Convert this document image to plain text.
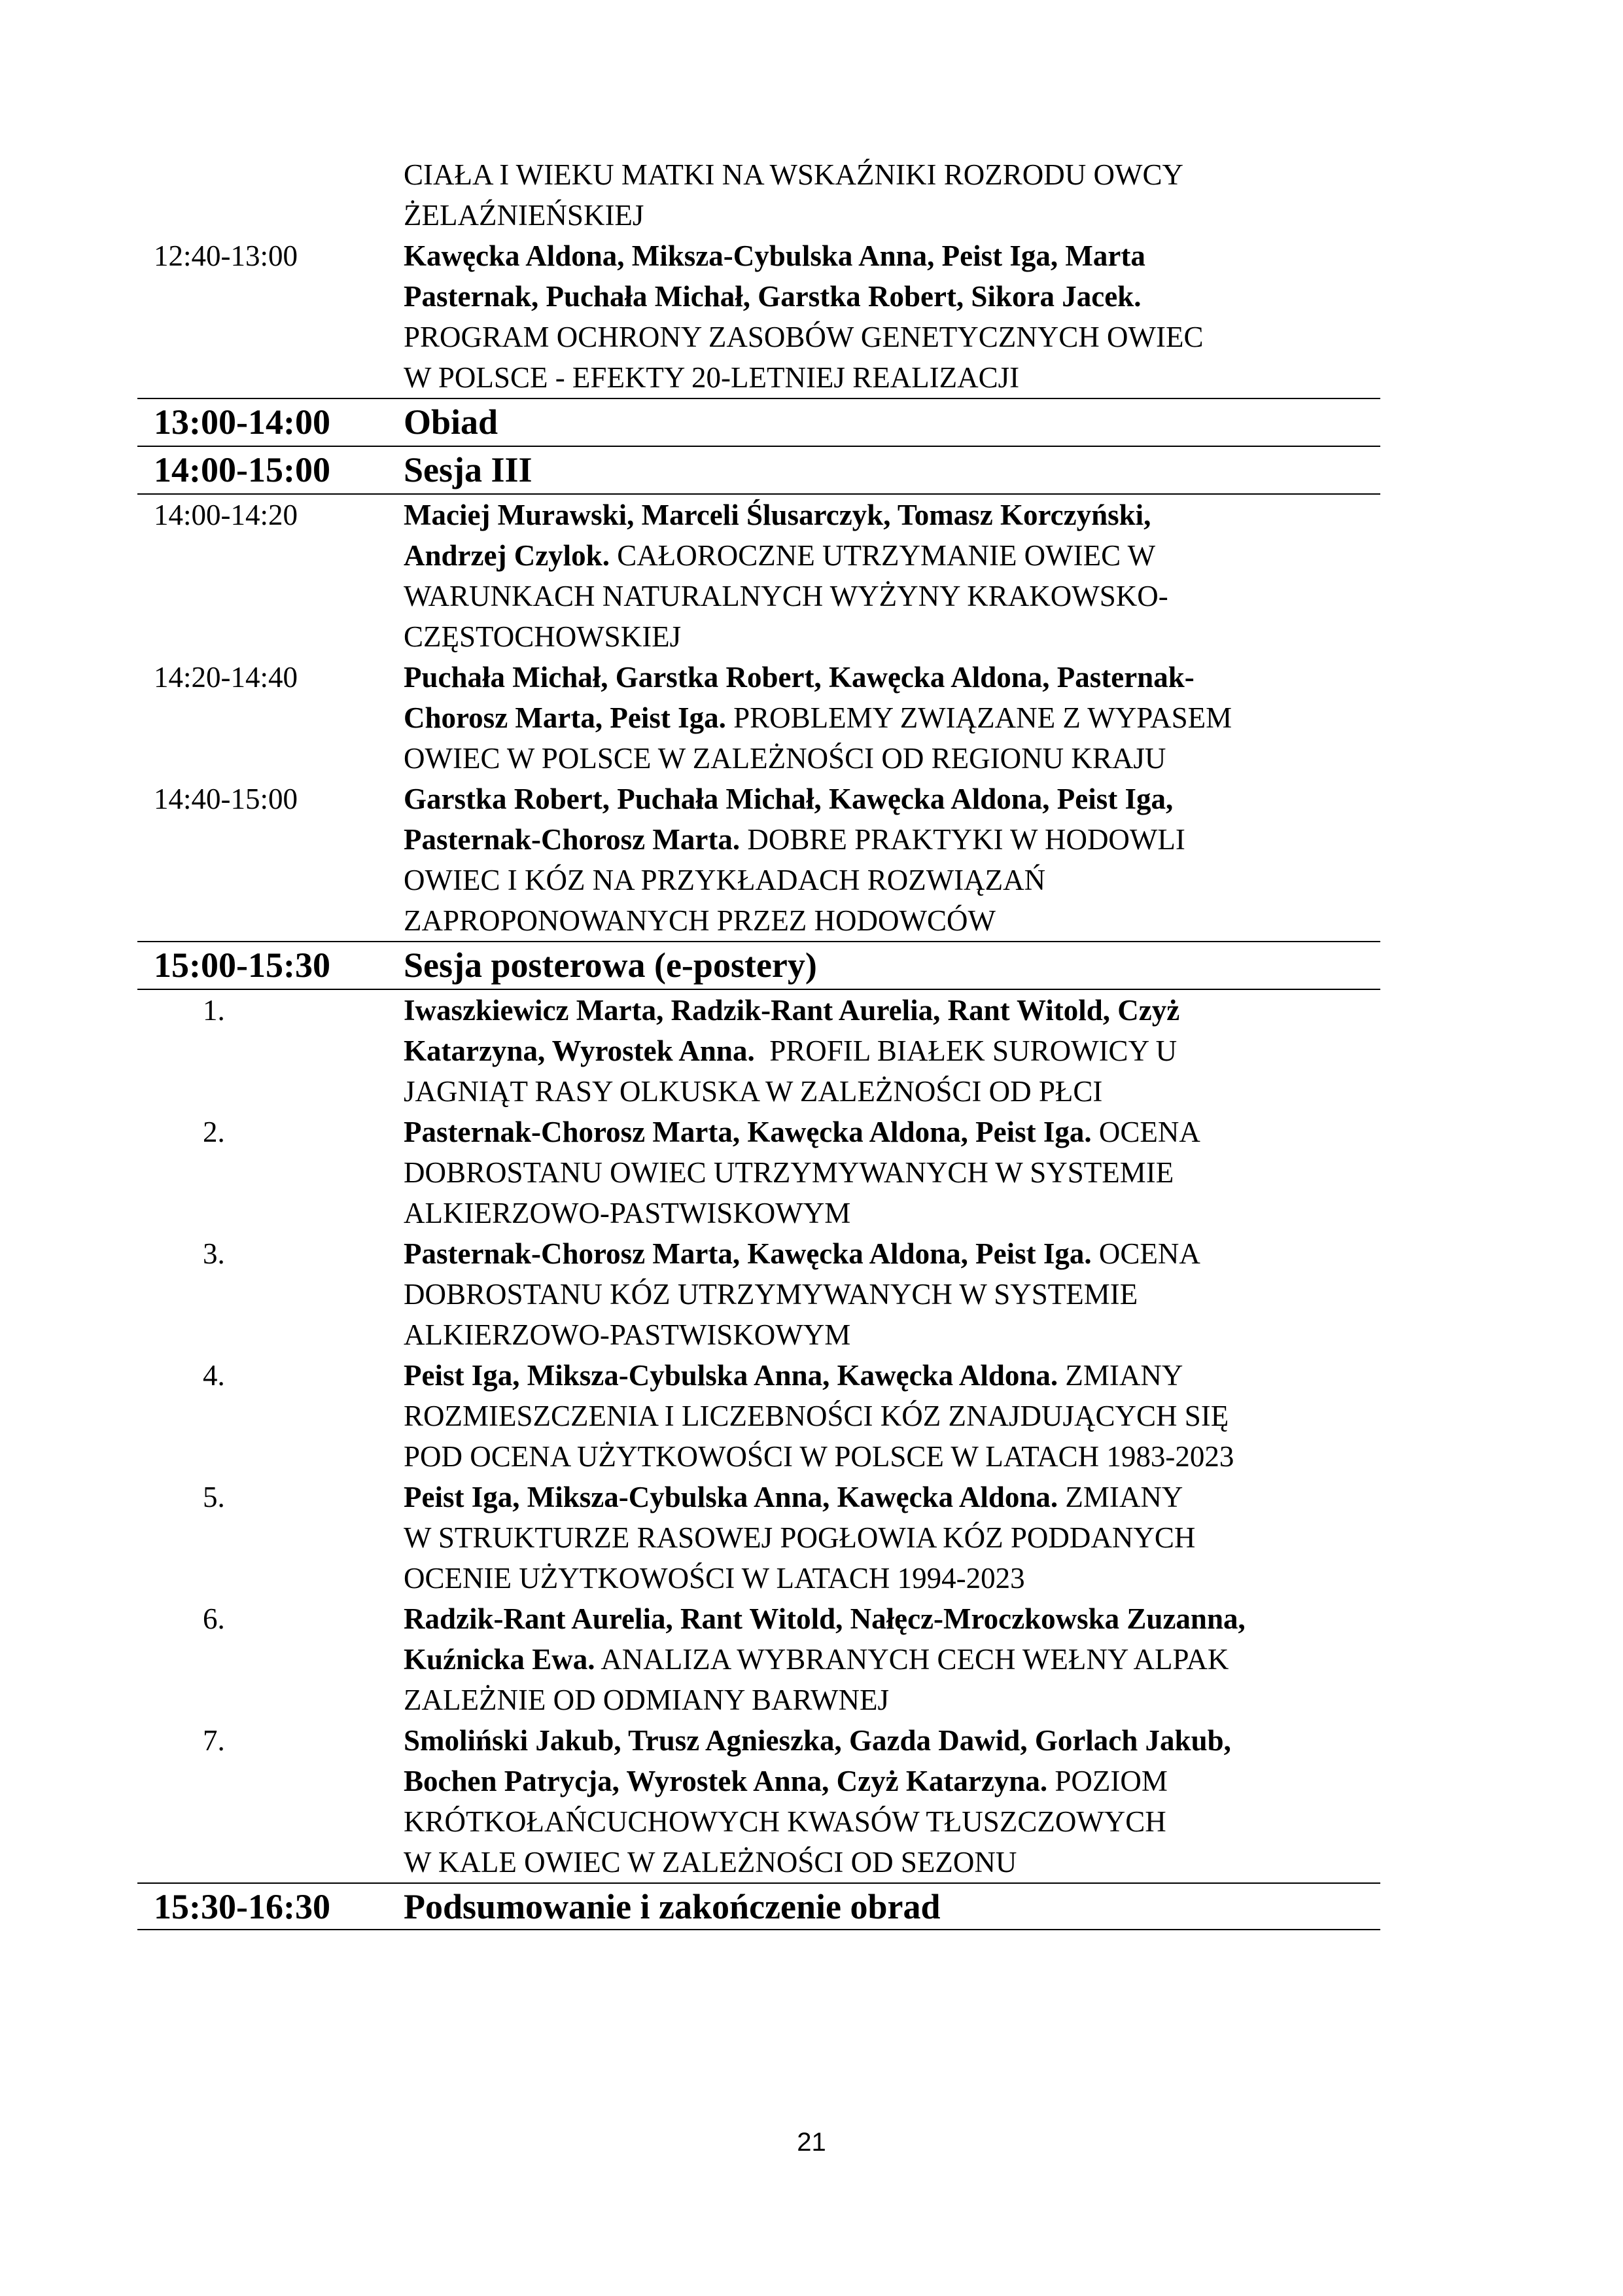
CIAŁA I WIEKU MATKI NA WSKAŹNIKI ROZRODU OWCY
ŻELAŹNIEŃSKIEJ
12:40-13:00	Kawęcka Aldona, Miksza-Cybulska Anna, Peist Iga, Marta
Pasternak, Puchała Michał, Garstka Robert, Sikora Jacek.
PROGRAM OCHRONY ZASOBÓW GENETYCZNYCH OWIEC
W POLSCE - EFEKTY 20-LETNIEJ REALIZACJI
13:00-14:00	Obiad
14:00-15:00	Sesja III
14:00-14:20	Maciej Murawski, Marceli Ślusarczyk, Tomasz Korczyński,
Andrzej Czylok. CAŁOROCZNE UTRZYMANIE OWIEC W
WARUNKACH NATURALNYCH WYŻYNY KRAKOWSKO-
CZĘSTOCHOWSKIEJ
14:20-14:40	Puchała Michał, Garstka Robert, Kawęcka Aldona, Pasternak-
Chorosz Marta, Peist Iga. PROBLEMY ZWIĄZANE Z WYPASEM
OWIEC W POLSCE W ZALEŻNOŚCI OD REGIONU KRAJU
14:40-15:00	Garstka Robert, Puchała Michał, Kawęcka Aldona, Peist Iga,
Pasternak-Chorosz Marta. DOBRE PRAKTYKI W HODOWLI
OWIEC I KÓZ NA PRZYKŁADACH ROZWIĄZAŃ
ZAPROPONOWANYCH PRZEZ HODOWCÓW
15:00-15:30	Sesja posterowa (e-postery)
1.	Iwaszkiewicz Marta, Radzik-Rant Aurelia, Rant Witold, Czyż
Katarzyna, Wyrostek Anna.  PROFIL BIAŁEK SUROWICY U
JAGNIĄT RASY OLKUSKA W ZALEŻNOŚCI OD PŁCI
2.	Pasternak-Chorosz Marta, Kawęcka Aldona, Peist Iga. OCENA
DOBROSTANU OWIEC UTRZYMYWANYCH W SYSTEMIE
ALKIERZOWO-PASTWISKOWYM
3.	Pasternak-Chorosz Marta, Kawęcka Aldona, Peist Iga. OCENA
DOBROSTANU KÓZ UTRZYMYWANYCH W SYSTEMIE
ALKIERZOWO-PASTWISKOWYM
4.	Peist Iga, Miksza-Cybulska Anna, Kawęcka Aldona. ZMIANY
ROZMIESZCZENIA I LICZEBNOŚCI KÓZ ZNAJDUJĄCYCH SIĘ
POD OCENA UŻYTKOWOŚCI W POLSCE W LATACH 1983-2023
5.	Peist Iga, Miksza-Cybulska Anna, Kawęcka Aldona. ZMIANY
W STRUKTURZE RASOWEJ POGŁOWIA KÓZ PODDANYCH
OCENIE UŻYTKOWOŚCI W LATACH 1994-2023
6.	Radzik-Rant Aurelia, Rant Witold, Nałęcz-Mroczkowska Zuzanna,
Kuźnicka Ewa. ANALIZA WYBRANYCH CECH WEŁNY ALPAK
ZALEŻNIE OD ODMIANY BARWNEJ
7.	Smoliński Jakub, Trusz Agnieszka, Gazda Dawid, Gorlach Jakub,
Bochen Patrycja, Wyrostek Anna, Czyż Katarzyna. POZIOM
KRÓTKOŁAŃCUCHOWYCH KWASÓW TŁUSZCZOWYCH
W KALE OWIEC W ZALEŻNOŚCI OD SEZONU
15:30-16:30	Podsumowanie i zakończenie obrad
21
